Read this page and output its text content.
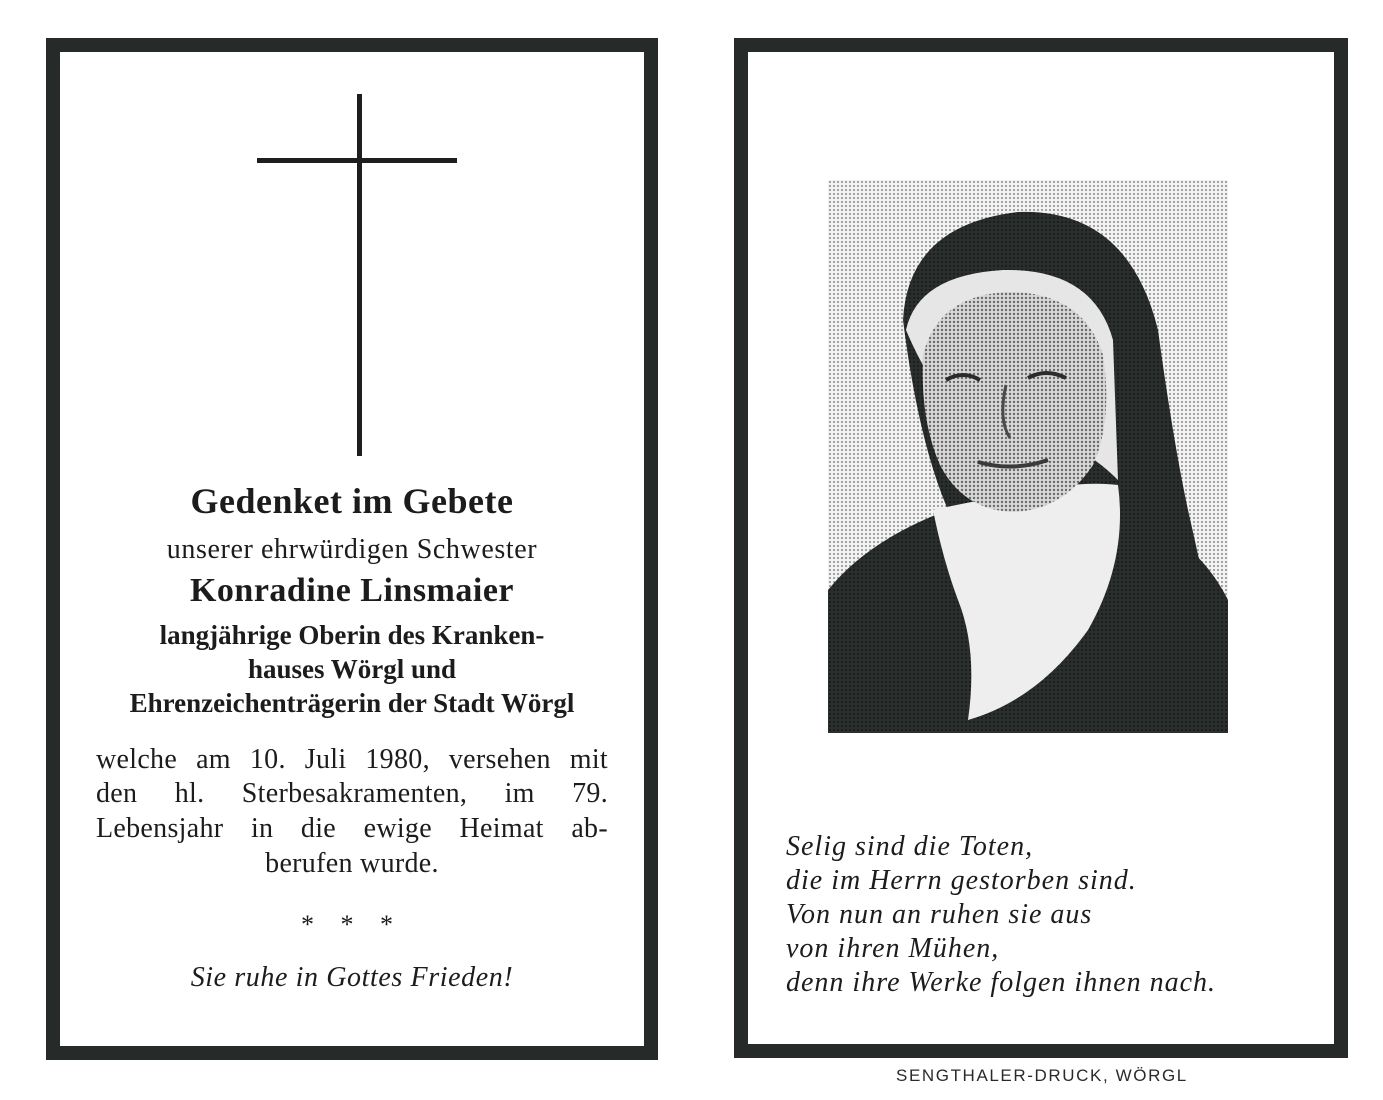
Gedenket im Gebete
unserer ehrwürdigen Schwester
Konradine Linsmaier
langjährige Oberin des Kranken-
hauses Wörgl und
Ehrenzeichenträgerin der Stadt Wörgl
welche am 10. Juli 1980, versehen mit
den hl. Sterbesakramenten, im 79.
Lebensjahr in die ewige Heimat ab-
berufen wurde.
* * *
Sie ruhe in Gottes Frieden!
Selig sind die Toten,
die im Herrn gestorben sind.
Von nun an ruhen sie aus
von ihren Mühen,
denn ihre Werke folgen ihnen nach.
SENGTHALER-DRUCK, WÖRGL
